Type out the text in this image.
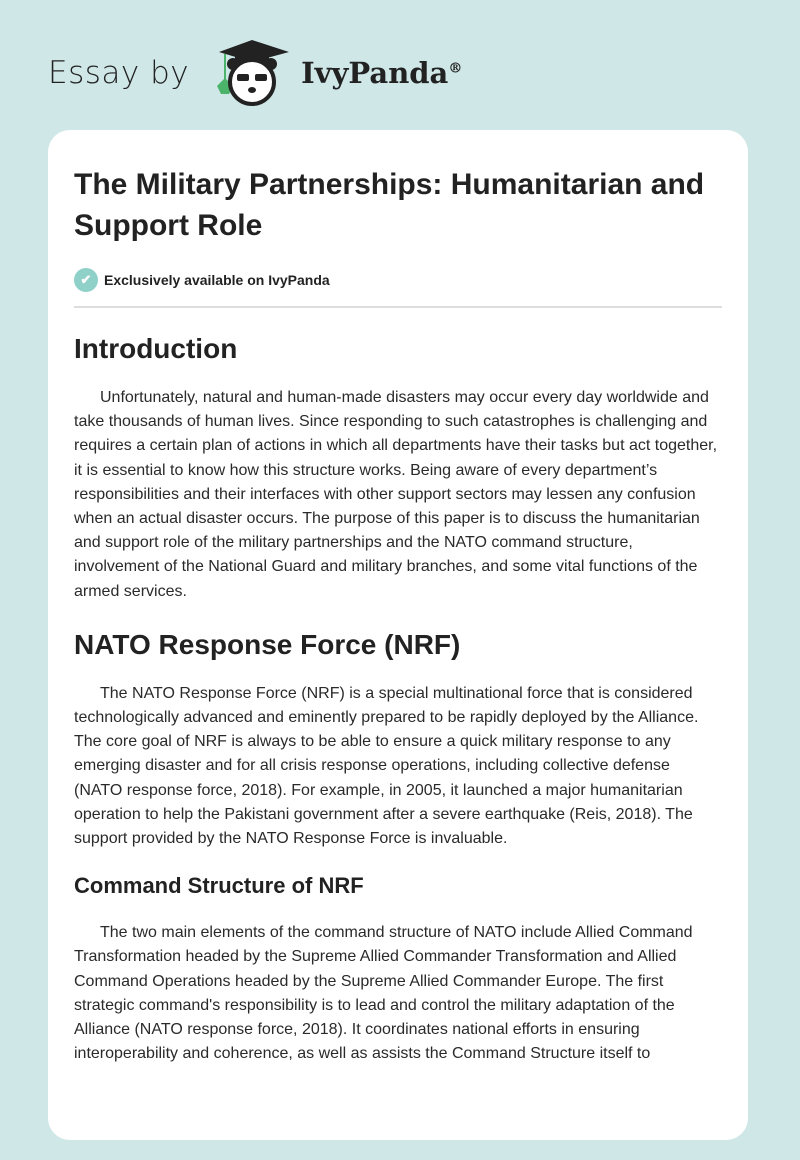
Essay by	IvyPanda®
The Military Partnerships: Humanitarian and Support Role
✔ Exclusively available on IvyPanda
Introduction

Unfortunately, natural and human-made disasters may occur every day worldwide and take thousands of human lives. Since responding to such catastrophes is challenging and requires a certain plan of actions in which all departments have their tasks but act together, it is essential to know how this structure works. Being aware of every department’s responsibilities and their interfaces with other support sectors may lessen any confusion when an actual disaster occurs. The purpose of this paper is to discuss the humanitarian and support role of the military partnerships and the NATO command structure, involvement of the National Guard and military branches, and some vital functions of the armed services.

NATO Response Force (NRF)

The NATO Response Force (NRF) is a special multinational force that is considered technologically advanced and eminently prepared to be rapidly deployed by the Alliance. The core goal of NRF is always to be able to ensure a quick military response to any emerging disaster and for all crisis response operations, including collective defense (NATO response force, 2018). For example, in 2005, it launched a major humanitarian operation to help the Pakistani government after a severe earthquake (Reis, 2018). The support provided by the NATO Response Force is invaluable.

Command Structure of NRF

The two main elements of the command structure of NATO include Allied Command Transformation headed by the Supreme Allied Commander Transformation and Allied Command Operations headed by the Supreme Allied Commander Europe. The first strategic command's responsibility is to lead and control the military adaptation of the Alliance (NATO response force, 2018). It coordinates national efforts in ensuring interoperability and coherence, as well as assists the Command Structure itself to
